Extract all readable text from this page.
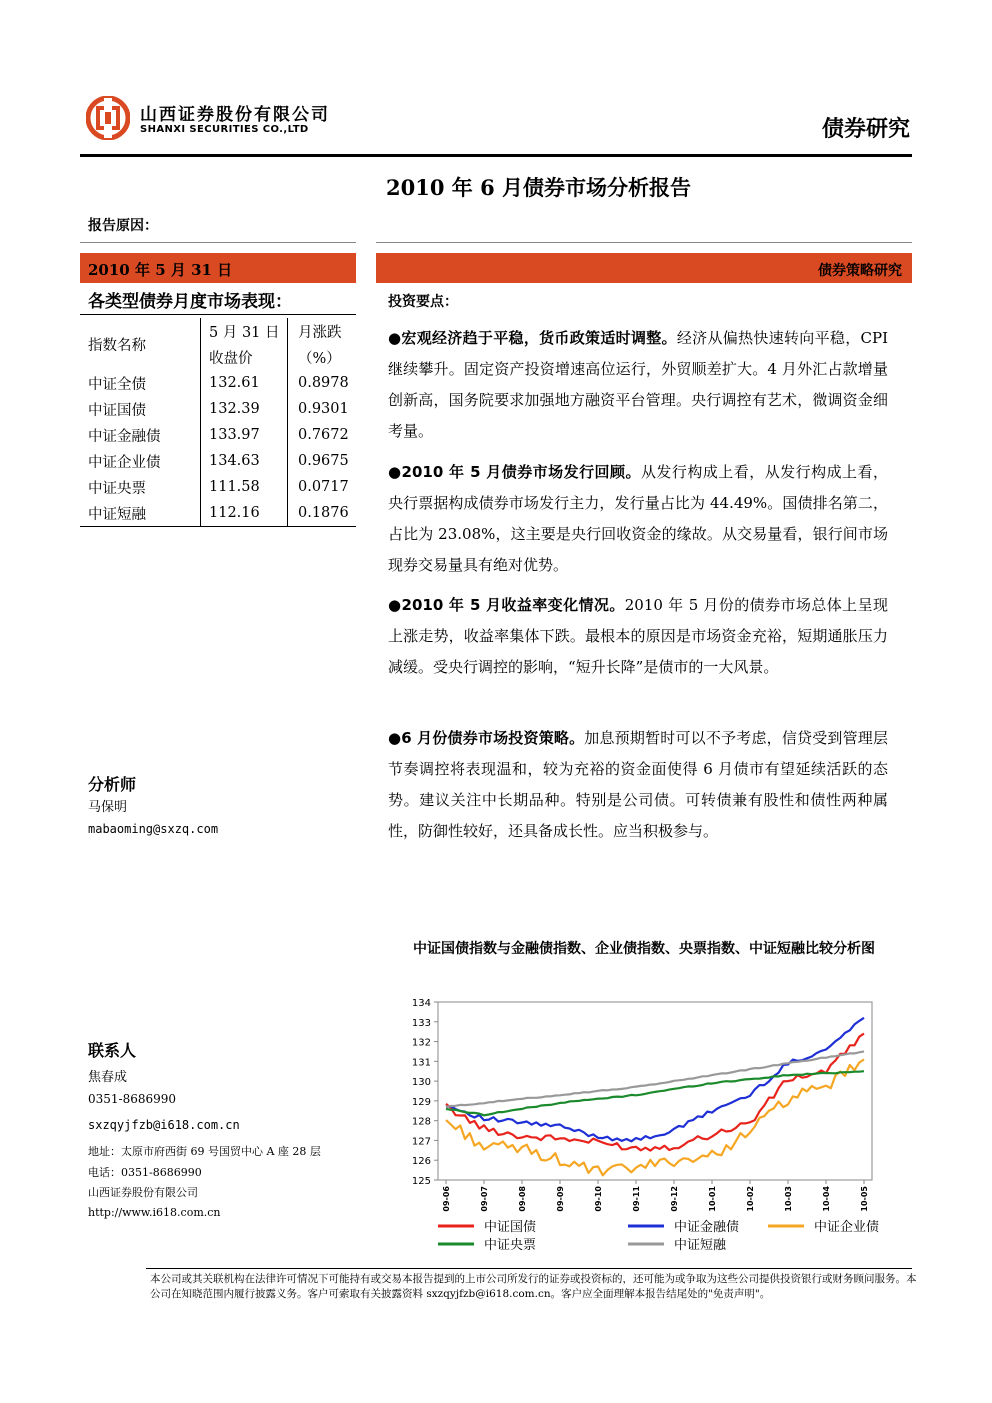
山西证券股份有限公司
SHANXI SECURITIES CO.,LTD	债券研究
2010 年 6 月债券市场分析报告
报告原因：
2010 年 5 月 31 日	债券策略研究
各类型债券月度市场表现：
指数名称	5 月 31 日	月涨跌
	收盘价	（%）
中证全债	132.61	0.8978
中证国债	132.39	0.9301
中证金融债	133.97	0.7672
中证企业债	134.63	0.9675
中证央票	111.58	0.0717
中证短融	112.16	0.1876
投资要点：
●宏观经济趋于平稳，货币政策适时调整。经济从偏热快速转向平稳，CPI 继续攀升。固定资产投资增速高位运行，外贸顺差扩大。4 月外汇占款增量创新高，国务院要求加强地方融资平台管理。央行调控有艺术，微调资金细考量。
●2010 年 5 月债券市场发行回顾。从发行构成上看，从发行构成上看，央行票据构成债券市场发行主力，发行量占比为 44.49%。国债排名第二，占比为 23.08%，这主要是央行回收资金的缘故。从交易量看，银行间市场现券交易量具有绝对优势。
●2010 年 5 月收益率变化情况。2010 年 5 月份的债券市场总体上呈现上涨走势，收益率集体下跌。最根本的原因是市场资金充裕，短期通胀压力减缓。受央行调控的影响，“短升长降”是债市的一大风景。
●6 月份债券市场投资策略。加息预期暂时可以不予考虑，信贷受到管理层节奏调控将表现温和，较为充裕的资金面使得 6 月债市有望延续活跃的态势。建议关注中长期品种。特别是公司债。可转债兼有股性和债性两种属性，防御性较好，还具备成长性。应当积极参与。
分析师
马保明
mabaoming@sxzq.com
联系人
焦春成
0351-8686990
sxzqyjfzb@i618.com.cn
地址：太原市府西街 69 号国贸中心 A 座 28 层
电话：0351-8686990
山西证券股份有限公司
http://www.i618.com.cn
中证国债指数与金融债指数、企业债指数、央票指数、中证短融比较分析图
125
126
127
128
129
130
131
132
133
134
09-06	09-07	09-08	09-09	09-10	09-11	09-12	10-01	10-02	10-03	10-04	10-05
中证国债	中证金融债	中证企业债
中证央票	中证短融
本公司或其关联机构在法律许可情况下可能持有或交易本报告提到的上市公司所发行的证券或投资标的，还可能为或争取为这些公司提供投资银行或财务顾问服务。本公司在知晓范围内履行披露义务。客户可索取有关披露资料 sxzqyjfzb@i618.com.cn。客户应全面理解本报告结尾处的"免责声明"。
